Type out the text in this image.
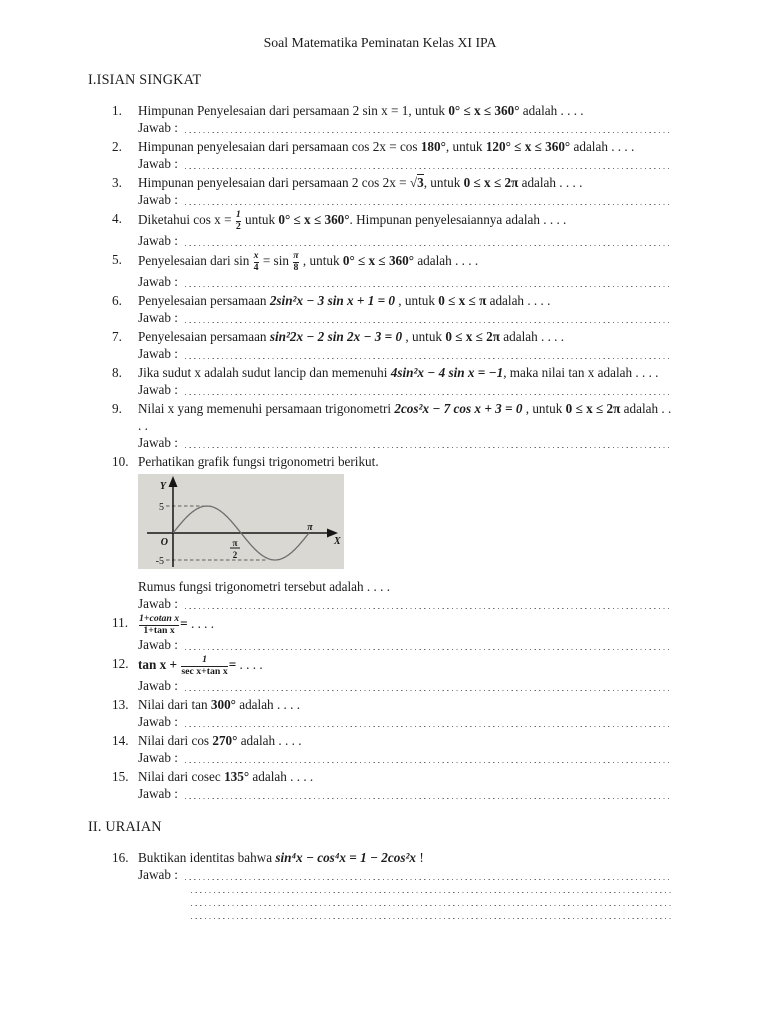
Soal Matematika Peminatan Kelas XI IPA
I.ISIAN SINGKAT
1.	Himpunan Penyelesaian dari persamaan 2 sin x = 1, untuk 0° ≤ x ≤ 360° adalah . . . .
Jawab :
2.	Himpunan penyelesaian dari persamaan cos 2x = cos 180°, untuk 120° ≤ x ≤ 360° adalah . . . .
Jawab :
3.	Himpunan penyelesaian dari persamaan 2 cos 2x = √3, untuk 0 ≤ x ≤ 2π adalah . . . .
Jawab :
4.	Diketahui $\cos x = \frac{1}{2}$ untuk 0° ≤ x ≤ 360°. Himpunan penyelesaiannya adalah . . . .
Jawab :
5.	Penyelesaian dari $\sin \frac{x}{4} = \sin \frac{\pi}{8}$ , untuk 0° ≤ x ≤ 360° adalah . . . .
Jawab :
6.	Penyelesaian persamaan 2sin²x − 3 sin x + 1 = 0 , untuk 0 ≤ x ≤ π adalah . . . .
Jawab :
7.	Penyelesaian persamaan sin²2x − 2 sin 2x − 3 = 0 , untuk 0 ≤ x ≤ 2π adalah . . . .
Jawab :
8.	Jika sudut x adalah sudut lancip dan memenuhi 4sin²x − 4 sin x = −1, maka nilai tan x adalah . . . .
Jawab :
9.	Nilai x yang memenuhi persamaan trigonometri 2cos²x − 7 cos x + 3 = 0 , untuk 0 ≤ x ≤ 2π adalah . . . .
Jawab :
10. Perhatikan grafik fungsi trigonometri berikut.
Y
X
O
5
-5
π
2
π
Rumus fungsi trigonometri tersebut adalah . . . .
Jawab :
11.	$\frac{\text{1+cotan x}}{\text{1+tan x}}$ = . . . .
Jawab :
12. $\tan x + \frac{1}{\text{sec x+tan x}}$ = . . . .
Jawab :
13. Nilai dari tan 300° adalah . . . .
Jawab :
14. Nilai dari cos 270° adalah . . . .
Jawab :
15. Nilai dari cosec 135° adalah . . . .
Jawab :
II. URAIAN
16. Buktikan identitas bahwa sin⁴x − cos⁴x = 1 − 2cos²x !
Jawab :
